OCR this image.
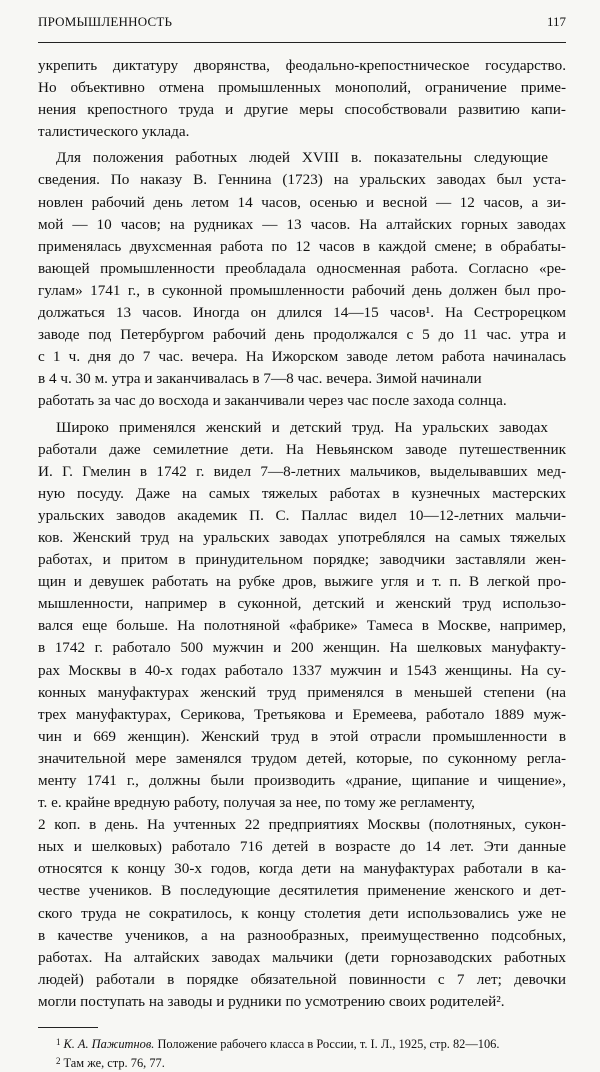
ПРОМЫШЛЕННОСТЬ	117

укрепить диктатуру дворянства, феодально-крепостническое государство.
Но объективно отмена промышленных монополий, ограничение приме-
нения крепостного труда и другие меры способствовали развитию капи-
талистического уклада.

Для положения работных людей XVIII в. показательны следующие
сведения. По наказу В. Геннина (1723) на уральских заводах был уста-
новлен рабочий день летом 14 часов, осенью и весной — 12 часов, а зи-
мой — 10 часов; на рудниках — 13 часов. На алтайских горных заводах
применялась двухсменная работа по 12 часов в каждой смене; в обрабаты-
вающей промышленности преобладала односменная работа. Согласно «ре-
гулам» 1741 г., в суконной промышленности рабочий день должен был про-
должаться 13 часов. Иногда он длился 14—15 часов¹. На Сестрорецком
заводе под Петербургом рабочий день продолжался с 5 до 11 час. утра и
с 1 ч. дня до 7 час. вечера. На Ижорском заводе летом работа начиналась
в 4 ч. 30 м. утра и заканчивалась в 7—8 час. вечера. Зимой начинали
работать за час до восхода и заканчивали через час после захода солнца.

Широко применялся женский и детский труд. На уральских заводах
работали даже семилетние дети. На Невьянском заводе путешественник
И. Г. Гмелин в 1742 г. видел 7—8-летних мальчиков, выделывавших мед-
ную посуду. Даже на самых тяжелых работах в кузнечных мастерских
уральских заводов академик П. С. Паллас видел 10—12-летних мальчи-
ков. Женский труд на уральских заводах употреблялся на самых тяжелых
работах, и притом в принудительном порядке; заводчики заставляли жен-
щин и девушек работать на рубке дров, выжиге угля и т. п. В легкой про-
мышленности, например в суконной, детский и женский труд использо-
вался еще больше. На полотняной «фабрике» Тамеса в Москве, например,
в 1742 г. работало 500 мужчин и 200 женщин. На шелковых мануфакту-
рах Москвы в 40-х годах работало 1337 мужчин и 1543 женщины. На су-
конных мануфактурах женский труд применялся в меньшей степени (на
трех мануфактурах, Серикова, Третьякова и Еремеева, работало 1889 муж-
чин и 669 женщин). Женский труд в этой отрасли промышленности в
значительной мере заменялся трудом детей, которые, по суконному регла-
менту 1741 г., должны были производить «драние, щипание и чищение»,
т. е. крайне вредную работу, получая за нее, по тому же регламенту,
2 коп. в день. На учтенных 22 предприятиях Москвы (полотняных, сукон-
ных и шелковых) работало 716 детей в возрасте до 14 лет. Эти данные
относятся к концу 30-х годов, когда дети на мануфактурах работали в ка-
честве учеников. В последующие десятилетия применение женского и дет-
ского труда не сократилось, к концу столетия дети использовались уже не
в качестве учеников, а на разнообразных, преимущественно подсобных,
работах. На алтайских заводах мальчики (дети горнозаводских работных
людей) работали в порядке обязательной повинности с 7 лет; девочки
могли поступать на заводы и рудники по усмотрению своих родителей².

$^1$ К. А. Пажитнов. Положение рабочего класса в России, т. I. Л., 1925, стр. 82—106.
$^2$ Там же, стр. 76, 77.
